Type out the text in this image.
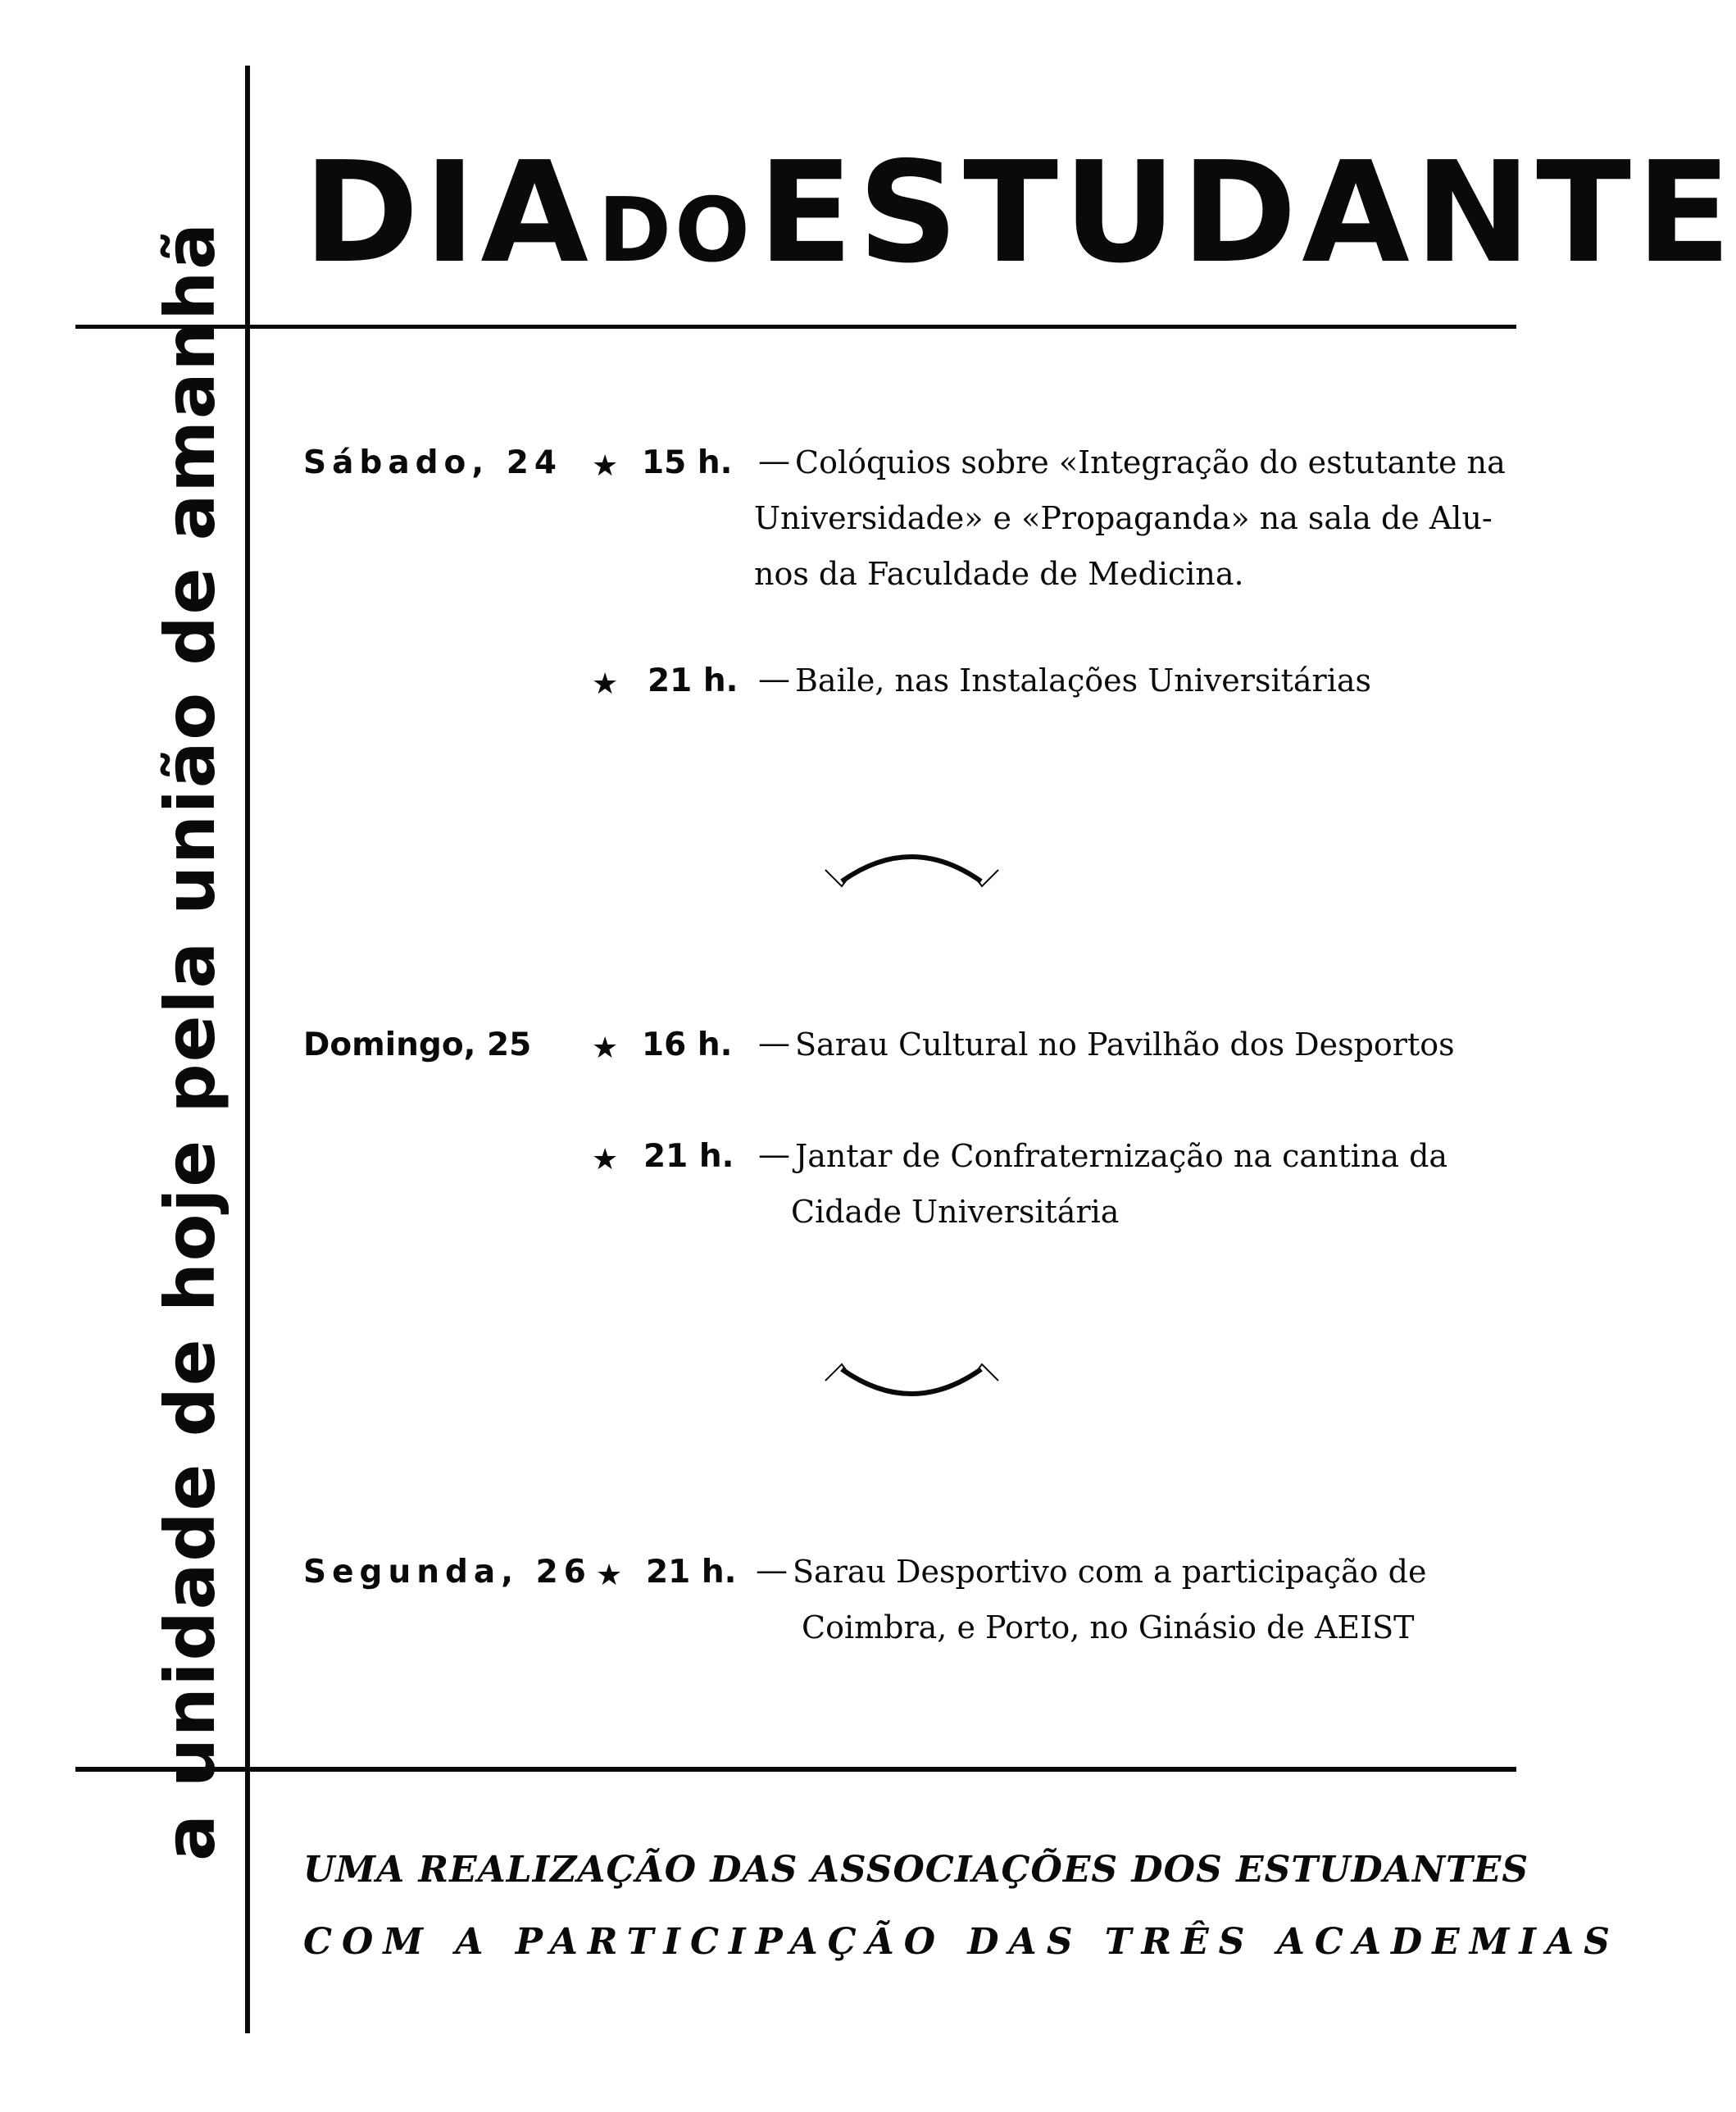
DIA DO ESTUDANTE
a unidade de hoje pela união de amanhã Sábado, 24 ★ 15 h. — Colóquios sobre «Integração do estutante na
Universidade» e «Propaganda» na sala de Alu-
nos da Faculdade de Medicina.
★ 21 h. — Baile, nas Instalações Universitárias
Domingo, 25 ★ 16 h. — Sarau Cultural no Pavilhão dos Desportos
★ 21 h. — Jantar de Confraternização na cantina da
Cidade Universitária
Segunda, 26 ★ 21 h. — Sarau Desportivo com a participação de
Coimbra, e Porto, no Ginásio de AEIST
UMA REALIZAÇÃO DAS ASSOCIAÇÕES DOS ESTUDANTES
COM A PARTICIPAÇÃO DAS TRÊS ACADEMIAS
